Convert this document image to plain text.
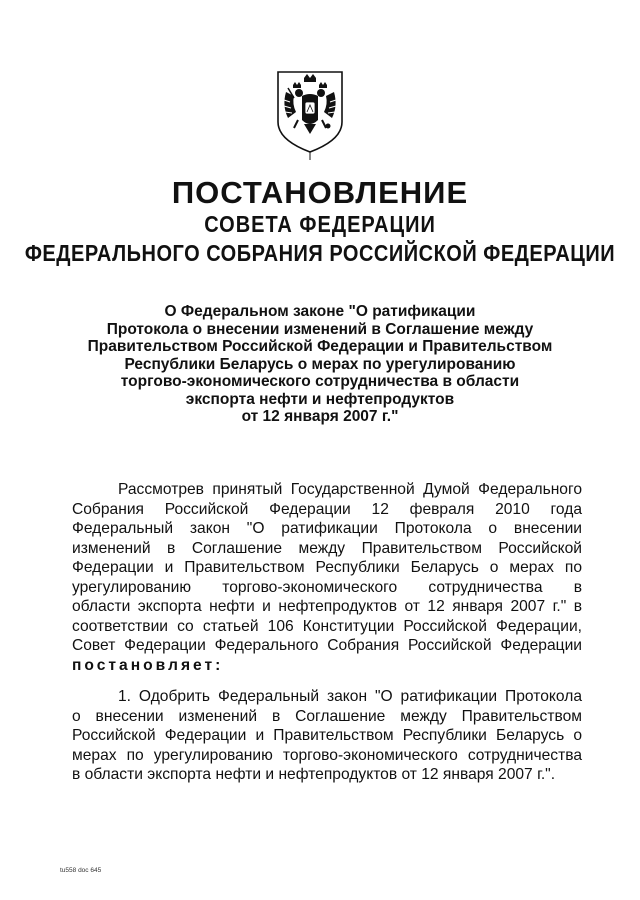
ПОСТАНОВЛЕНИЕ
СОВЕТА ФЕДЕРАЦИИ
ФЕДЕРАЛЬНОГО СОБРАНИЯ РОССИЙСКОЙ ФЕДЕРАЦИИ
О Федеральном законе "О ратификации
Протокола о внесении изменений в Соглашение между
Правительством Российской Федерации и Правительством
Республики Беларусь о мерах по урегулированию
торгово-экономического сотрудничества в области
экспорта нефти и нефтепродуктов
от 12 января 2007 г."
Рассмотрев принятый Государственной Думой Федерального
Собрания Российской Федерации 12 февраля 2010 года
Федеральный закон "О ратификации Протокола о внесении
изменений в Соглашение между Правительством Российской
Федерации и Правительством Республики Беларусь о мерах по
урегулированию торгово-экономического сотрудничества в
области экспорта нефти и нефтепродуктов от 12 января 2007 г." в
соответствии со статьей 106 Конституции Российской Федерации,
Совет Федерации Федерального Собрания Российской Федерации
постановляет:
1. Одобрить Федеральный закон "О ратификации Протокола
о внесении изменений в Соглашение между Правительством
Российской Федерации и Правительством Республики Беларусь о
мерах по урегулированию торгово-экономического сотрудничества
в области экспорта нефти и нефтепродуктов от 12 января 2007 г.".
tu558 doc 645
